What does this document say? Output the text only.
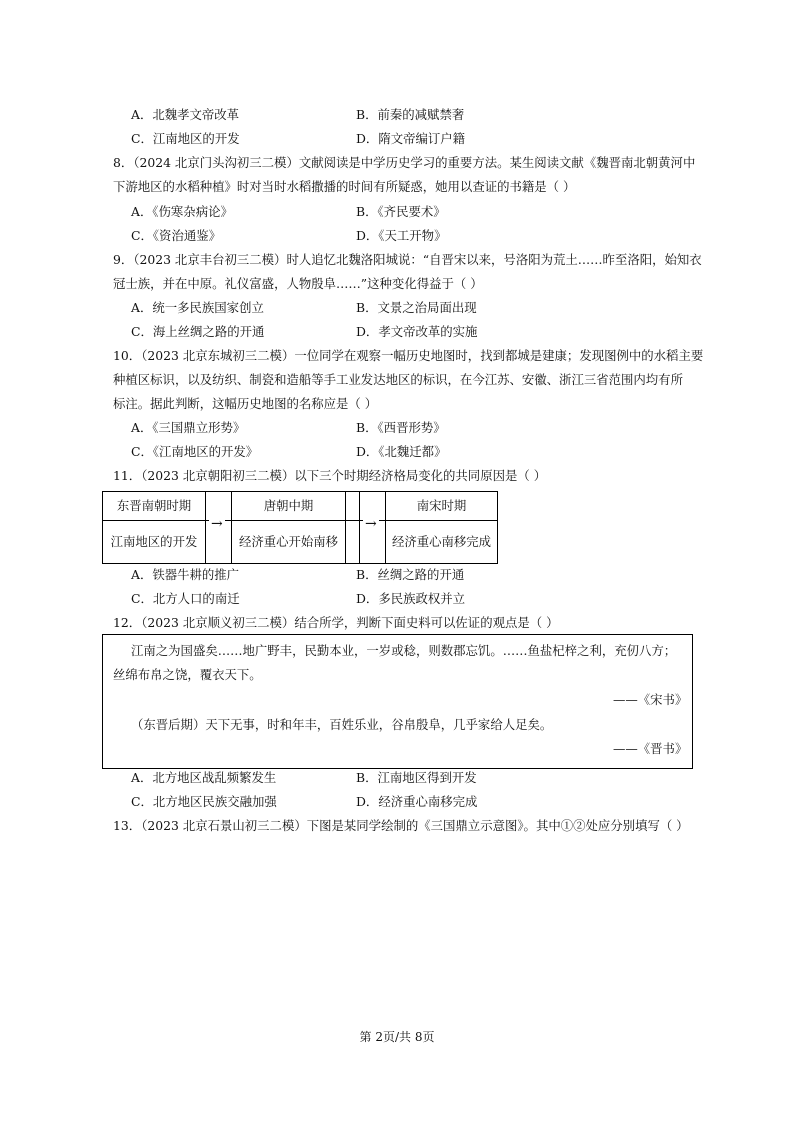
A．北魏孝文帝改革	B．前秦的减赋禁奢
C．江南地区的开发	D．隋文帝编订户籍
8．（2024 北京门头沟初三二模）文献阅读是中学历史学习的重要方法。某生阅读文献《魏晋南北朝黄河中
下游地区的水稻种植》时对当时水稻撒播的时间有所疑惑，她用以查证的书籍是（ ）
A．《伤寒杂病论》	B．《齐民要术》
C．《资治通鉴》	D．《天工开物》
9．（2023 北京丰台初三二模）时人追忆北魏洛阳城说：“自晋宋以来，号洛阳为荒土……昨至洛阳，始知衣
冠士族，并在中原。礼仪富盛，人物殷阜……”这种变化得益于（ ）
A．统一多民族国家创立	B．文景之治局面出现
C．海上丝绸之路的开通	D．孝文帝改革的实施
10．（2023 北京东城初三二模）一位同学在观察一幅历史地图时，找到都城是建康；发现图例中的水稻主要
种植区标识，以及纺织、制瓷和造船等手工业发达地区的标识，在今江苏、安徽、浙江三省范围内均有所
标注。据此判断，这幅历史地图的名称应是（ ）
A．《三国鼎立形势》	B．《西晋形势》
C．《江南地区的开发》	D．《北魏迁都》
11．（2023 北京朝阳初三二模）以下三个时期经济格局变化的共同原因是（ ）
东晋南朝时期	唐朝中期	南宋时期
江南地区的开发	经济重心开始南移	经济重心南移完成
→	→
A．铁器牛耕的推广	B．丝绸之路的开通
C．北方人口的南迁	D．多民族政权并立
12．（2023 北京顺义初三二模）结合所学，判断下面史料可以佐证的观点是（ ）
江南之为国盛矣……地广野丰，民勤本业，一岁或稔，则数郡忘饥。……鱼盐杞梓之利，充仞八方；
丝绵布帛之饶，覆衣天下。
——《宋书》
（东晋后期）天下无事，时和年丰，百姓乐业，谷帛殷阜，几乎家给人足矣。
——《晋书》
A．北方地区战乱频繁发生	B．江南地区得到开发
C．北方地区民族交融加强	D．经济重心南移完成
13．（2023 北京石景山初三二模）下图是某同学绘制的《三国鼎立示意图》。其中①②处应分别填写（ ）
第 2页/共 8页
